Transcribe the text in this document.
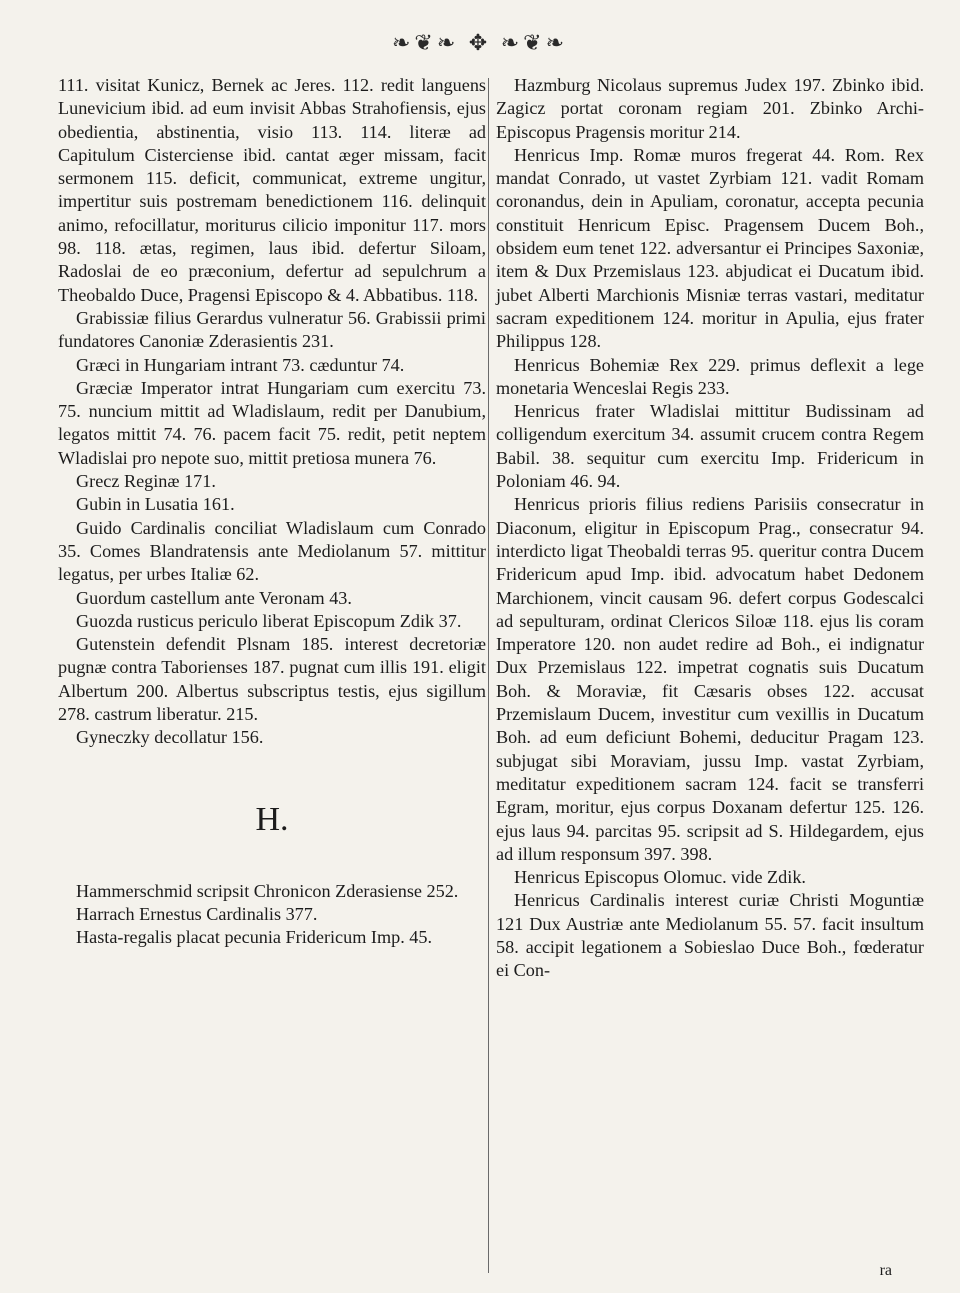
❧❦❧ ✥ ❧❦❧

111. visitat Kunicz, Bernek ac Jeres. 112. redit languens Lunevicium ibid. ad eum invisit Abbas Strahofiensis, ejus obedientia, abstinentia, visio 113. 114. literæ ad Capitulum Cisterciense ibid. cantat æger missam, facit sermonem 115. deficit, communicat, extreme ungitur, impertitur suis postremam benedictionem 116. delinquit animo, refocillatur, moriturus cilicio imponitur 117. mors 98. 118. ætas, regimen, laus ibid. defertur Siloam, Radoslai de eo præconium, defertur ad sepulchrum a Theobaldo Duce, Pragensi Episcopo & 4. Abbatibus. 118.

Grabissiæ filius Gerardus vulneratur 56. Grabissii primi fundatores Canoniæ Zderasientis 231.

Græci in Hungariam intrant 73. cæduntur 74.

Græciæ Imperator intrat Hungariam cum exercitu 73. 75. nuncium mittit ad Wladislaum, redit per Danubium, legatos mittit 74. 76. pacem facit 75. redit, petit neptem Wladislai pro nepote suo, mittit pretiosa munera 76.

Grecz Reginæ 171.

Gubin in Lusatia 161.

Guido Cardinalis conciliat Wladislaum cum Conrado 35. Comes Blandratensis ante Mediolanum 57. mittitur legatus, per urbes Italiæ 62.

Guordum castellum ante Veronam 43.

Guozda rusticus periculo liberat Episcopum Zdik 37.

Gutenstein defendit Plsnam 185. interest decretoriæ pugnæ contra Taborienses 187. pugnat cum illis 191. eligit Albertum 200. Albertus subscriptus testis, ejus sigillum 278. castrum liberatur. 215.

Gyneczky decollatur 156.

H.

Hammerschmid scripsit Chronicon Zderasiense 252.

Harrach Ernestus Cardinalis 377.

Hasta-regalis placat pecunia Fridericum Imp. 45.

Hazmburg Nicolaus supremus Judex 197. Zbinko ibid. Zagicz portat coronam regiam 201. Zbinko Archi-Episcopus Pragensis moritur 214.

Henricus Imp. Romæ muros fregerat 44. Rom. Rex mandat Conrado, ut vastet Zyrbiam 121. vadit Romam coronandus, dein in Apuliam, coronatur, accepta pecunia constituit Henricum Episc. Pragensem Ducem Boh., obsidem eum tenet 122. adversantur ei Principes Saxoniæ, item & Dux Przemislaus 123. abjudicat ei Ducatum ibid. jubet Alberti Marchionis Misniæ terras vastari, meditatur sacram expeditionem 124. moritur in Apulia, ejus frater Philippus 128.

Henricus Bohemiæ Rex 229. primus deflexit a lege monetaria Wenceslai Regis 233.

Henricus frater Wladislai mittitur Budissinam ad colligendum exercitum 34. assumit crucem contra Regem Babil. 38. sequitur cum exercitu Imp. Fridericum in Poloniam 46. 94.

Henricus prioris filius rediens Parisiis consecratur in Diaconum, eligitur in Episcopum Prag., consecratur 94. interdicto ligat Theobaldi terras 95. queritur contra Ducem Fridericum apud Imp. ibid. advocatum habet Dedonem Marchionem, vincit causam 96. defert corpus Godescalci ad sepulturam, ordinat Clericos Siloæ 118. ejus lis coram Imperatore 120. non audet redire ad Boh., ei indignatur Dux Przemislaus 122. impetrat cognatis suis Ducatum Boh. & Moraviæ, fit Cæsaris obses 122. accusat Przemislaum Ducem, investitur cum vexillis in Ducatum Boh. ad eum deficiunt Bohemi, deducitur Pragam 123. subjugat sibi Moraviam, jussu Imp. vastat Zyrbiam, meditatur expeditionem sacram 124. facit se transferri Egram, moritur, ejus corpus Doxanam defertur 125. 126. ejus laus 94. parcitas 95. scripsit ad S. Hildegardem, ejus ad illum responsum 397. 398.

Henricus Episcopus Olomuc. vide Zdik.

Henricus Cardinalis interest curiæ Christi Moguntiæ 121 Dux Austriæ ante Mediolanum 55. 57. facit insultum 58. accipit legationem a Sobieslao Duce Boh., fœderatur ei Con-

ra
